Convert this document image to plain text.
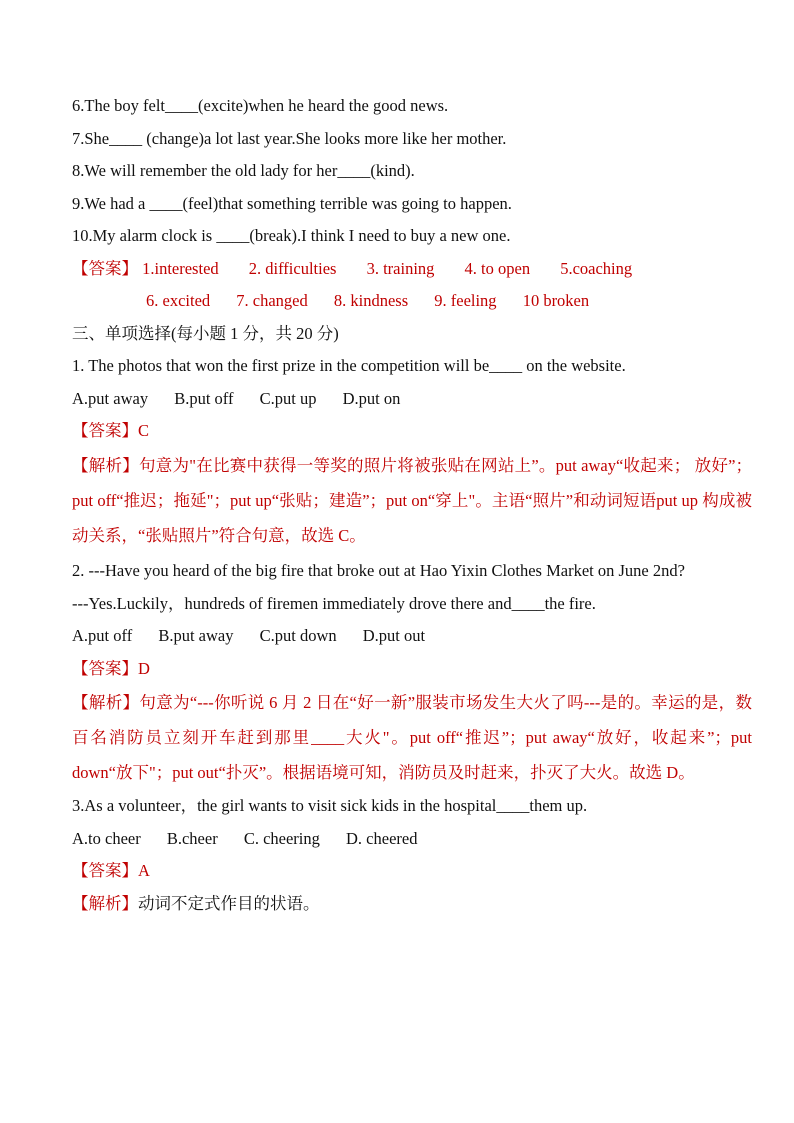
6.The boy felt____(excite)when he heard the good news.
7.She____ (change)a lot last year.She looks more like her mother.
8.We will remember the old lady for her____(kind).
9.We had a ____(feel)that something terrible was going to happen.
10.My alarm clock is ____(break).I think I need to buy a new one.
【答案】 1.interested 2. difficulties 3. training 4. to open 5.coaching
6. excited 7. changed 8. kindness 9. feeling 10 broken
三、单项选择(每小题 1 分，共 20 分)
1. The photos that won the first prize in the competition will be____ on the website.
A.put away B.put off C.put up D.put on
【答案】C
【解析】句意为"在比赛中获得一等奖的照片将被张贴在网站上”。put away“收起来； 放好”；put off“推迟；拖延"；put up“张贴；建造”；put on“穿上"。主语“照片”和动词短语put up 构成被动关系，“张贴照片”符合句意，故选 C。
2. ---Have you heard of the big fire that broke out at Hao Yixin Clothes Market on June 2nd?
---Yes.Luckily，hundreds of firemen immediately drove there and____the fire.
A.put off B.put away C.put down D.put out
【答案】D
【解析】句意为“---你听说 6 月 2 日在“好一新”服装市场发生大火了吗---是的。幸运的是，数百名消防员立刻开车赶到那里____大火"。put off“推迟”；put away“放好，收起来”；put down“放下"；put out“扑灭”。根据语境可知，消防员及时赶来，扑灭了大火。故选 D。
3.As a volunteer，the girl wants to visit sick kids in the hospital____them up.
A.to cheer B.cheer C. cheering D. cheered
【答案】A
【解析】动词不定式作目的状语。
